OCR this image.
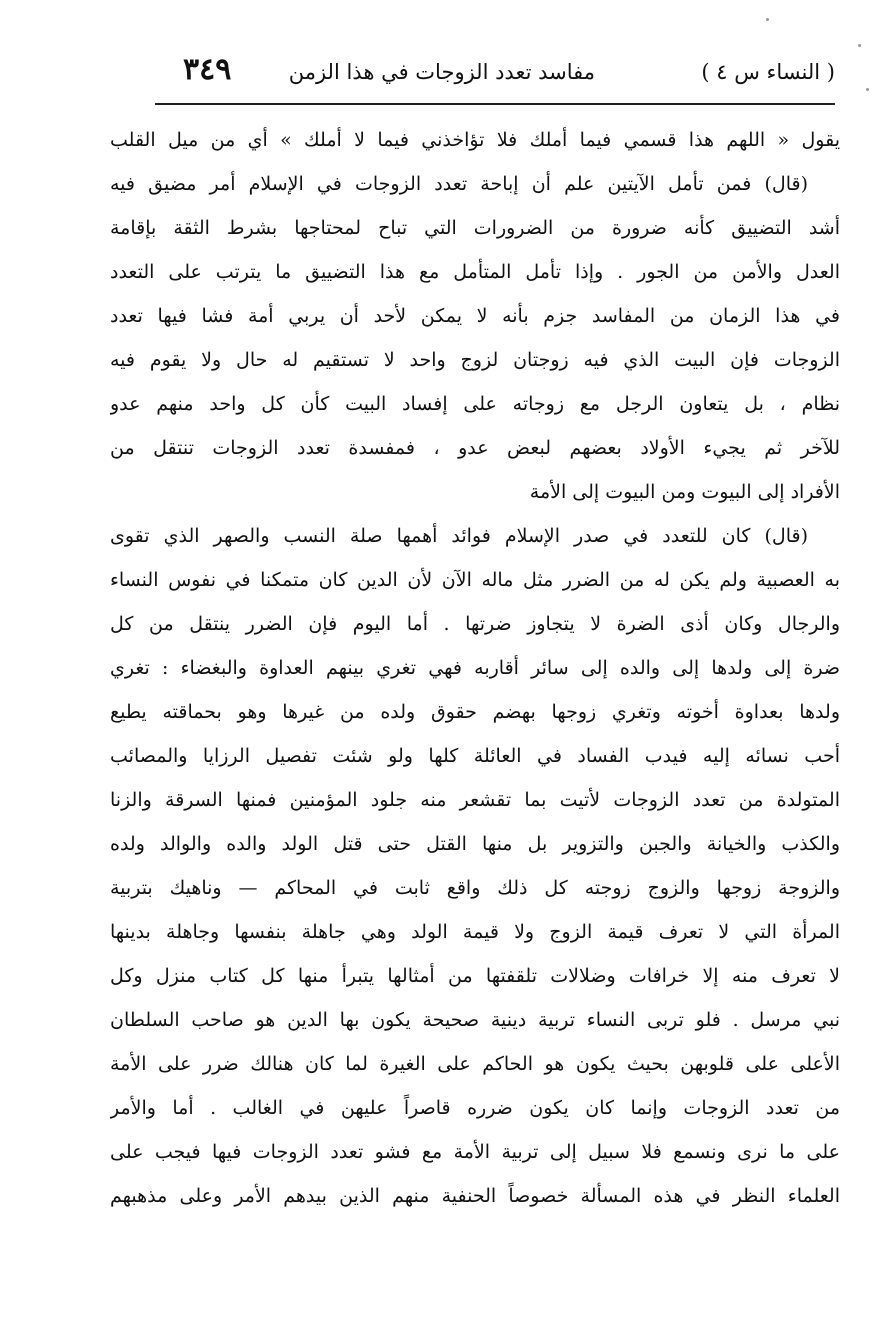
( النساء س ٤ )
مفاسد تعدد الزوجات في هذا الزمن
٣٤٩
يقول « اللهم هذا قسمي فيما أملك فلا تؤاخذني فيما لا أملك » أي من ميل القلب
(قال) فمن تأمل الآيتين علم أن إباحة تعدد الزوجات في الإسلام أمر مضيق فيه
أشد التضييق كأنه ضرورة من الضرورات التي تباح لمحتاجها بشرط الثقة بإقامة
العدل والأمن من الجور . وإذا تأمل المتأمل مع هذا التضييق ما يترتب على التعدد
في هذا الزمان من المفاسد جزم بأنه لا يمكن لأحد أن يربي أمة فشا فيها تعدد
الزوجات فإن البيت الذي فيه زوجتان لزوج واحد لا تستقيم له حال ولا يقوم فيه
نظام ، بل يتعاون الرجل مع زوجاته على إفساد البيت كأن كل واحد منهم عدو
للآخر ثم يجيء الأولاد بعضهم لبعض عدو ، فمفسدة تعدد الزوجات تنتقل من
الأفراد إلى البيوت ومن البيوت إلى الأمة
(قال) كان للتعدد في صدر الإسلام فوائد أهمها صلة النسب والصهر الذي تقوى
به العصبية ولم يكن له من الضرر مثل ماله الآن لأن الدين كان متمكنا في نفوس النساء
والرجال وكان أذى الضرة لا يتجاوز ضرتها . أما اليوم فإن الضرر ينتقل من كل
ضرة إلى ولدها إلى والده إلى سائر أقاربه فهي تغري بينهم العداوة والبغضاء : تغري
ولدها بعداوة أخوته وتغري زوجها بهضم حقوق ولده من غيرها وهو بحماقته يطيع
أحب نسائه إليه فيدب الفساد في العائلة كلها ولو شئت تفصيل الرزايا والمصائب
المتولدة من تعدد الزوجات لأتيت بما تقشعر منه جلود المؤمنين فمنها السرقة والزنا
والكذب والخيانة والجبن والتزوير بل منها القتل حتى قتل الولد والده والوالد ولده
والزوجة زوجها والزوج زوجته كل ذلك واقع ثابت في المحاكم — وناهيك بتربية
المرأة التي لا تعرف قيمة الزوج ولا قيمة الولد وهي جاهلة بنفسها وجاهلة بدينها
لا تعرف منه إلا خرافات وضلالات تلقفتها من أمثالها يتبرأ منها كل كتاب منزل وكل
نبي مرسل . فلو تربى النساء تربية دينية صحيحة يكون بها الدين هو صاحب السلطان
الأعلى على قلوبهن بحيث يكون هو الحاكم على الغيرة لما كان هنالك ضرر على الأمة
من تعدد الزوجات وإنما كان يكون ضرره قاصراً عليهن في الغالب . أما والأمر
على ما نرى ونسمع فلا سبيل إلى تربية الأمة مع فشو تعدد الزوجات فيها فيجب على
العلماء النظر في هذه المسألة خصوصاً الحنفية منهم الذين بيدهم الأمر وعلى مذهبهم
